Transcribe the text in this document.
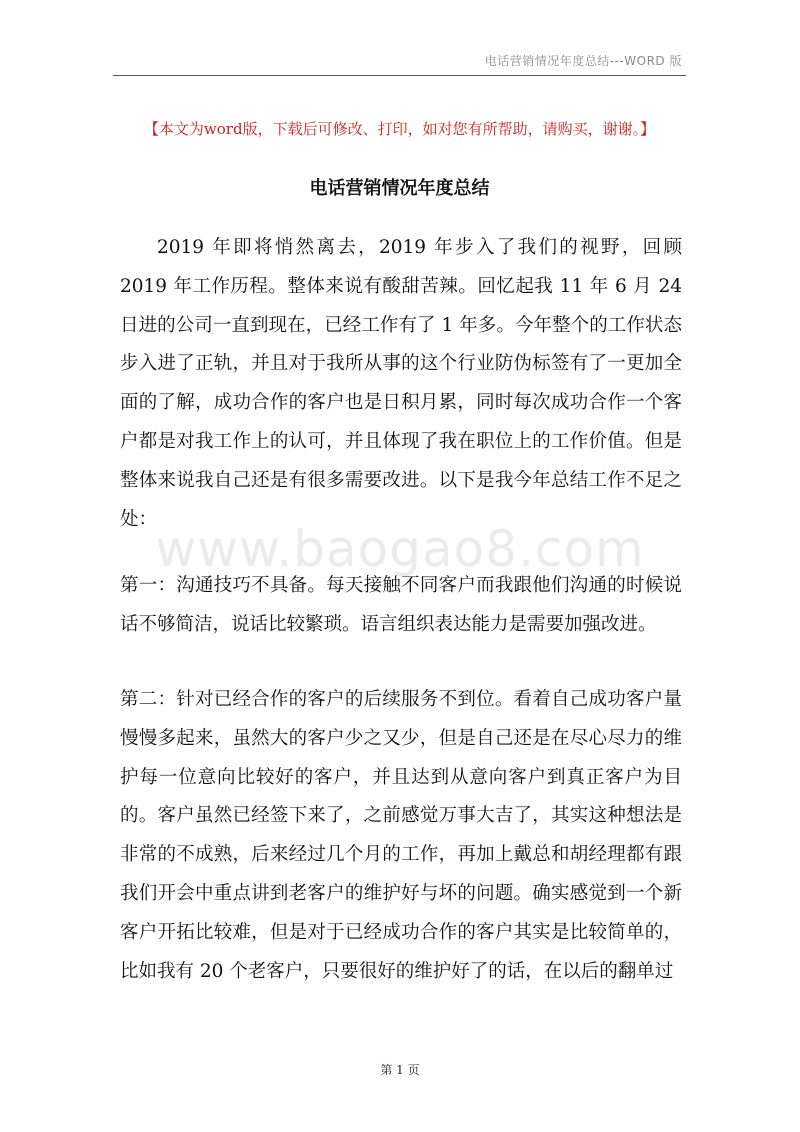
电话营销情况年度总结---WORD 版
【本文为word版，下载后可修改、打印，如对您有所帮助，请购买，谢谢。】
电话营销情况年度总结
www.baogao8.com

2019 年即将悄然离去，2019 年步入了我们的视野，回顾 2019 年工作历程。整体来说有酸甜苦辣。回忆起我 11 年 6 月 24 日进的公司一直到现在，已经工作有了 1 年多。今年整个的工作状态步入进了正轨，并且对于我所从事的这个行业防伪标签有了一更加全面的了解，成功合作的客户也是日积月累，同时每次成功合作一个客户都是对我工作上的认可，并且体现了我在职位上的工作价值。但是整体来说我自己还是有很多需要改进。以下是我今年总结工作不足之处：

第一：沟通技巧不具备。每天接触不同客户而我跟他们沟通的时候说话不够简洁，说话比较繁琐。语言组织表达能力是需要加强改进。

第二：针对已经合作的客户的后续服务不到位。看着自己成功客户量慢慢多起来，虽然大的客户少之又少，但是自己还是在尽心尽力的维护每一位意向比较好的客户，并且达到从意向客户到真正客户为目的。客户虽然已经签下来了，之前感觉万事大吉了，其实这种想法是非常的不成熟，后来经过几个月的工作，再加上戴总和胡经理都有跟我们开会中重点讲到老客户的维护好与坏的问题。确实感觉到一个新客户开拓比较难，但是对于已经成功合作的客户其实是比较简单的，比如我有 20 个老客户，只要很好的维护好了的话，在以后的翻单过

第 1 页
